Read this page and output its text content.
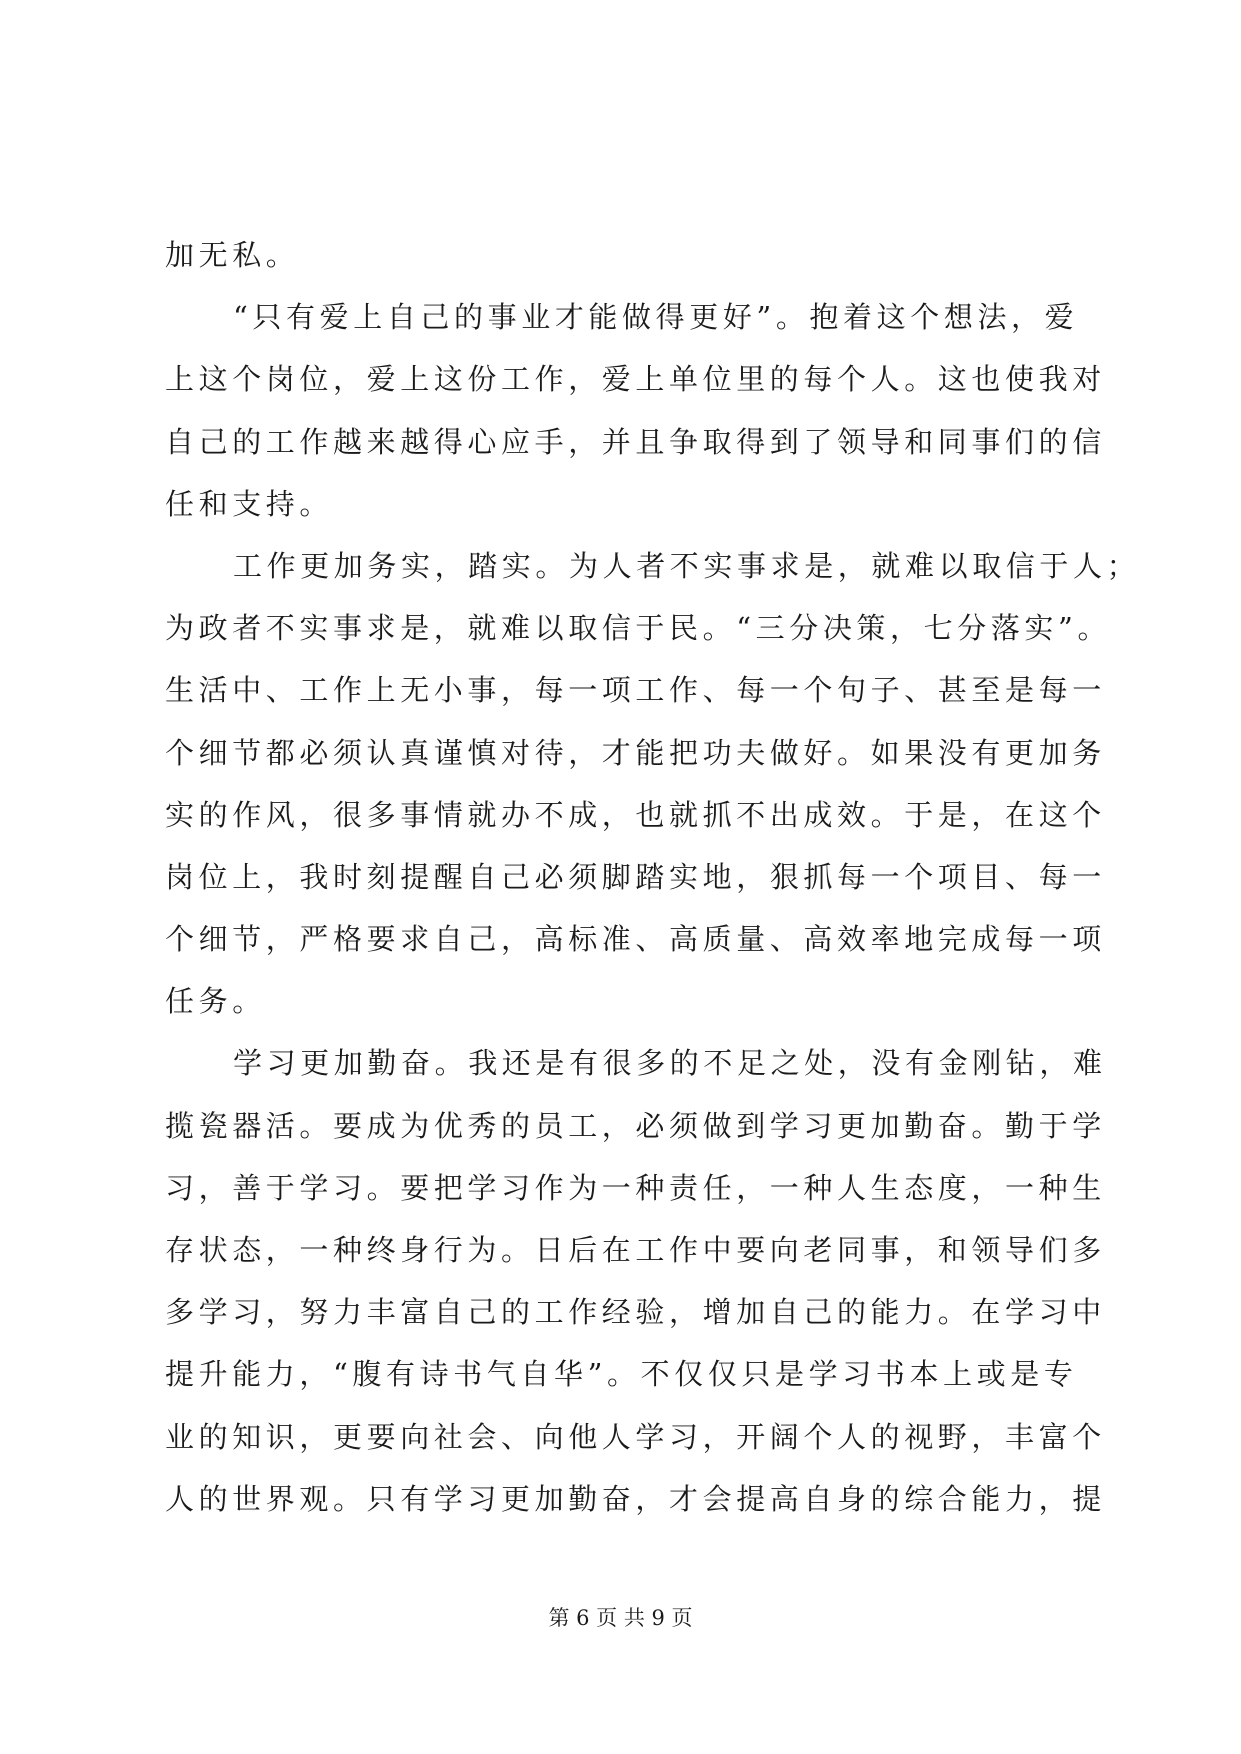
加无私。
“只有爱上自己的事业才能做得更好”。抱着这个想法，爱
上这个岗位，爱上这份工作，爱上单位里的每个人。这也使我对
自己的工作越来越得心应手，并且争取得到了领导和同事们的信
任和支持。
工作更加务实，踏实。为人者不实事求是，就难以取信于人；
为政者不实事求是，就难以取信于民。“三分决策，七分落实”。
生活中、工作上无小事，每一项工作、每一个句子、甚至是每一
个细节都必须认真谨慎对待，才能把功夫做好。如果没有更加务
实的作风，很多事情就办不成，也就抓不出成效。于是，在这个
岗位上，我时刻提醒自己必须脚踏实地，狠抓每一个项目、每一
个细节，严格要求自己，高标准、高质量、高效率地完成每一项
任务。
学习更加勤奋。我还是有很多的不足之处，没有金刚钻，难
揽瓷器活。要成为优秀的员工，必须做到学习更加勤奋。勤于学
习，善于学习。要把学习作为一种责任，一种人生态度，一种生
存状态，一种终身行为。日后在工作中要向老同事，和领导们多
多学习，努力丰富自己的工作经验，增加自己的能力。在学习中
提升能力，“腹有诗书气自华”。不仅仅只是学习书本上或是专
业的知识，更要向社会、向他人学习，开阔个人的视野，丰富个
人的世界观。只有学习更加勤奋，才会提高自身的综合能力，提
第 6 页 共 9 页
